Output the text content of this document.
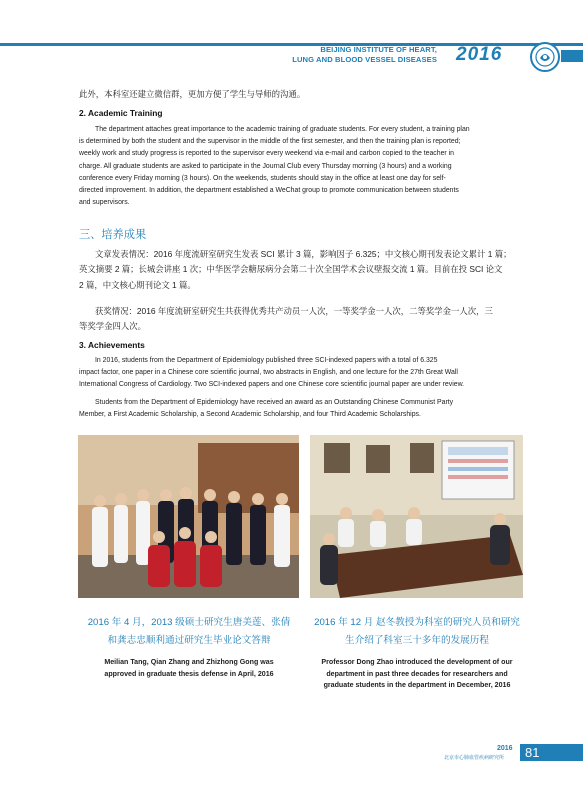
BEIJING INSTITUTE OF HEART,
LUNG AND BLOOD VESSEL DISEASES 2016
此外，本科室还建立微信群，更加方便了学生与导师的沟通。
2. Academic Training
The department attaches great importance to the academic training of graduate students. For every student, a training plan
is determined by both the student and the supervisor in the middle of the first semester, and then the training plan is reported;
weekly work and study progress is reported to the supervisor every weekend via e-mail and carbon copied to the teacher in
charge. All graduate students are asked to participate in the Journal Club every Thursday morning (3 hours) and a working
conference every Friday morning (3 hours). On the weekends, students should stay in the office at least one day for self-
directed improvement. In addition, the department established a WeChat group to promote communication between students
and supervisors.
三、培养成果
文章发表情况：2016 年度流研室研究生发表 SCI 累计 3 篇，影响因子 6.325；中文核心期刊发表论文累计 1 篇；
英文摘要 2 篇；长城会讲座 1 次；中华医学会糖尿病分会第二十次全国学术会议壁报交流 1 篇。目前在投 SCI 论文
2 篇，中文核心期刊论文 1 篇。
获奖情况：2016 年度流研室研究生共获得优秀共产动员一人次，一等奖学金一人次，二等奖学金一人次，三
等奖学金四人次。
3. Achievements
In 2016, students from the Department of Epidemiology published three SCI-indexed papers with a total of 6.325
impact factor, one paper in a Chinese core scientific journal, two abstracts in English, and one lecture for the 27th Great Wall
International Congress of Cardiology. Two SCI-indexed papers and one Chinese core scientific journal paper are under review.
Students from the Department of Epidemiology have received an award as an Outstanding Chinese Communist Party
Member, a First Academic Scholarship, a Second Academic Scholarship, and four Third Academic Scholarships.
2016 年 4 月，2013 级硕士研究生唐美莲、张倩
和龚志忠顺利通过研究生毕业论文答辩
2016 年 12 月 赵冬教授为科室的研究人员和研究
生介绍了科室三十多年的发展历程
Meilian Tang, Qian Zhang and Zhizhong Gong was
approved in graduate thesis defense in April, 2016
Professor Dong Zhao introduced the development of our
department in past three decades for researchers and
graduate students in the department in December, 2016
2016
北京市心肺血管疾病研究所 81
